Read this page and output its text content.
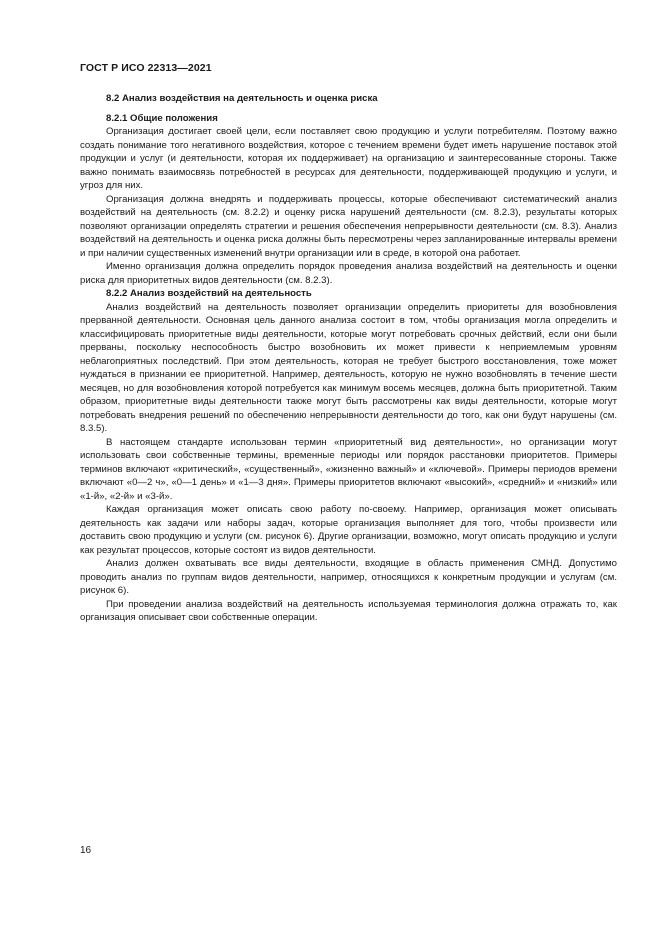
ГОСТ Р ИСО 22313—2021
8.2 Анализ воздействия на деятельность и оценка риска
8.2.1 Общие положения

Организация достигает своей цели, если поставляет свою продукцию и услуги потребителям. Поэтому важно создать понимание того негативного воздействия, которое с течением времени будет иметь нарушение поставок этой продукции и услуг (и деятельности, которая их поддерживает) на организацию и заинтересованные стороны. Также важно понимать взаимосвязь потребностей в ресурсах для деятельности, поддерживающей продукцию и услуги, и угроз для них.

Организация должна внедрять и поддерживать процессы, которые обеспечивают систематический анализ воздействий на деятельность (см. 8.2.2) и оценку риска нарушений деятельности (см. 8.2.3), результаты которых позволяют организации определять стратегии и решения обеспечения непрерывности деятельности (см. 8.3). Анализ воздействий на деятельность и оценка риска должны быть пересмотрены через запланированные интервалы времени и при наличии существенных изменений внутри организации или в среде, в которой она работает.

Именно организация должна определить порядок проведения анализа воздействий на деятельность и оценки риска для приоритетных видов деятельности (см. 8.2.3).

8.2.2 Анализ воздействий на деятельность

Анализ воздействий на деятельность позволяет организации определить приоритеты для возобновления прерванной деятельности. Основная цель данного анализа состоит в том, чтобы организация могла определить и классифицировать приоритетные виды деятельности, которые могут потребовать срочных действий, если они были прерваны, поскольку неспособность быстро возобновить их может привести к неприемлемым уровням неблагоприятных последствий. При этом деятельность, которая не требует быстрого восстановления, тоже может нуждаться в признании ее приоритетной. Например, деятельность, которую не нужно возобновлять в течение шести месяцев, но для возобновления которой потребуется как минимум восемь месяцев, должна быть приоритетной. Таким образом, приоритетные виды деятельности также могут быть рассмотрены как виды деятельности, которые могут потребовать внедрения решений по обеспечению непрерывности деятельности до того, как они будут нарушены (см. 8.3.5).

В настоящем стандарте использован термин «приоритетный вид деятельности», но организации могут использовать свои собственные термины, временные периоды или порядок расстановки приоритетов. Примеры терминов включают «критический», «существенный», «жизненно важный» и «ключевой». Примеры периодов времени включают «0—2 ч», «0—1 день» и «1—3 дня». Примеры приоритетов включают «высокий», «средний» и «низкий» или «1-й», «2-й» и «3-й».

Каждая организация может описать свою работу по-своему. Например, организация может описывать деятельность как задачи или наборы задач, которые организация выполняет для того, чтобы произвести или доставить свою продукцию и услуги (см. рисунок 6). Другие организации, возможно, могут описать продукцию и услуги как результат процессов, которые состоят из видов деятельности.

Анализ должен охватывать все виды деятельности, входящие в область применения СМНД. Допустимо проводить анализ по группам видов деятельности, например, относящихся к конкретным продукции и услугам (см. рисунок 6).

При проведении анализа воздействий на деятельность используемая терминология должна отражать то, как организация описывает свои собственные операции.

16
